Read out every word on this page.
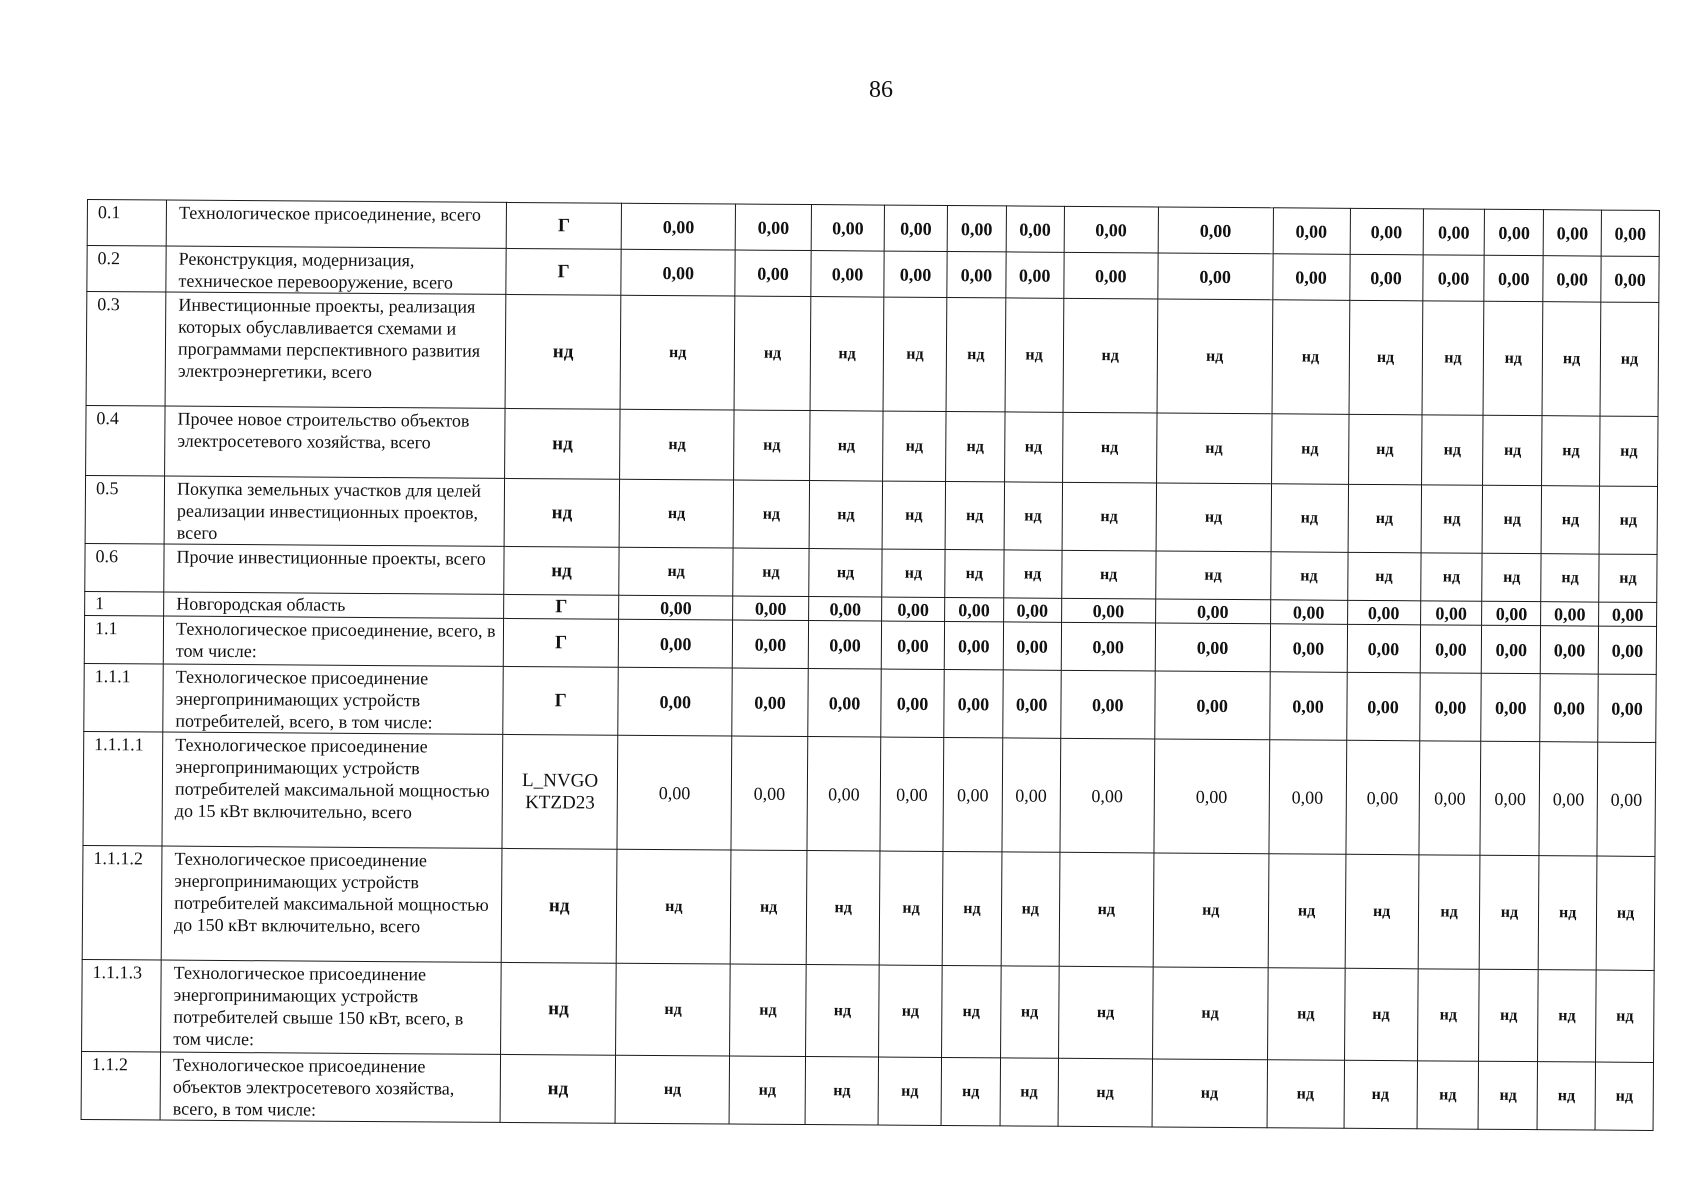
86
0.1	Технологическое присоединение, всего	Г	0,00	0,00	0,00	0,00	0,00	0,00	0,00	0,00	0,00	0,00	0,00	0,00	0,00	0,00
0.2	Реконструкция, модернизация, техническое перевооружение, всего	Г	0,00	0,00	0,00	0,00	0,00	0,00	0,00	0,00	0,00	0,00	0,00	0,00	0,00	0,00
0.3	Инвестиционные проекты, реализация которых обуславливается схемами и программами перспективного развития электроэнергетики, всего	нд	нд	нд	нд	нд	нд	нд	нд	нд	нд	нд	нд	нд	нд	нд
0.4	Прочее новое строительство объектов электросетевого хозяйства, всего	нд	нд	нд	нд	нд	нд	нд	нд	нд	нд	нд	нд	нд	нд	нд
0.5	Покупка земельных участков для целей реализации инвестиционных проектов, всего	нд	нд	нд	нд	нд	нд	нд	нд	нд	нд	нд	нд	нд	нд	нд
0.6	Прочие инвестиционные проекты, всего	нд	нд	нд	нд	нд	нд	нд	нд	нд	нд	нд	нд	нд	нд	нд
1	Новгородская область	Г	0,00	0,00	0,00	0,00	0,00	0,00	0,00	0,00	0,00	0,00	0,00	0,00	0,00	0,00
1.1	Технологическое присоединение, всего, в том числе:	Г	0,00	0,00	0,00	0,00	0,00	0,00	0,00	0,00	0,00	0,00	0,00	0,00	0,00	0,00
1.1.1	Технологическое присоединение энергопринимающих устройств потребителей, всего, в том числе:	Г	0,00	0,00	0,00	0,00	0,00	0,00	0,00	0,00	0,00	0,00	0,00	0,00	0,00	0,00
1.1.1.1	Технологическое присоединение энергопринимающих устройств потребителей максимальной мощностью до 15 кВт включительно, всего	L_NVGO KTZD23	0,00	0,00	0,00	0,00	0,00	0,00	0,00	0,00	0,00	0,00	0,00	0,00	0,00	0,00
1.1.1.2	Технологическое присоединение энергопринимающих устройств потребителей максимальной мощностью до 150 кВт включительно, всего	нд	нд	нд	нд	нд	нд	нд	нд	нд	нд	нд	нд	нд	нд	нд
1.1.1.3	Технологическое присоединение энергопринимающих устройств потребителей свыше 150 кВт, всего, в том числе:	нд	нд	нд	нд	нд	нд	нд	нд	нд	нд	нд	нд	нд	нд	нд
1.1.2	Технологическое присоединение объектов электросетевого хозяйства, всего, в том числе:	нд	нд	нд	нд	нд	нд	нд	нд	нд	нд	нд	нд	нд	нд	нд
